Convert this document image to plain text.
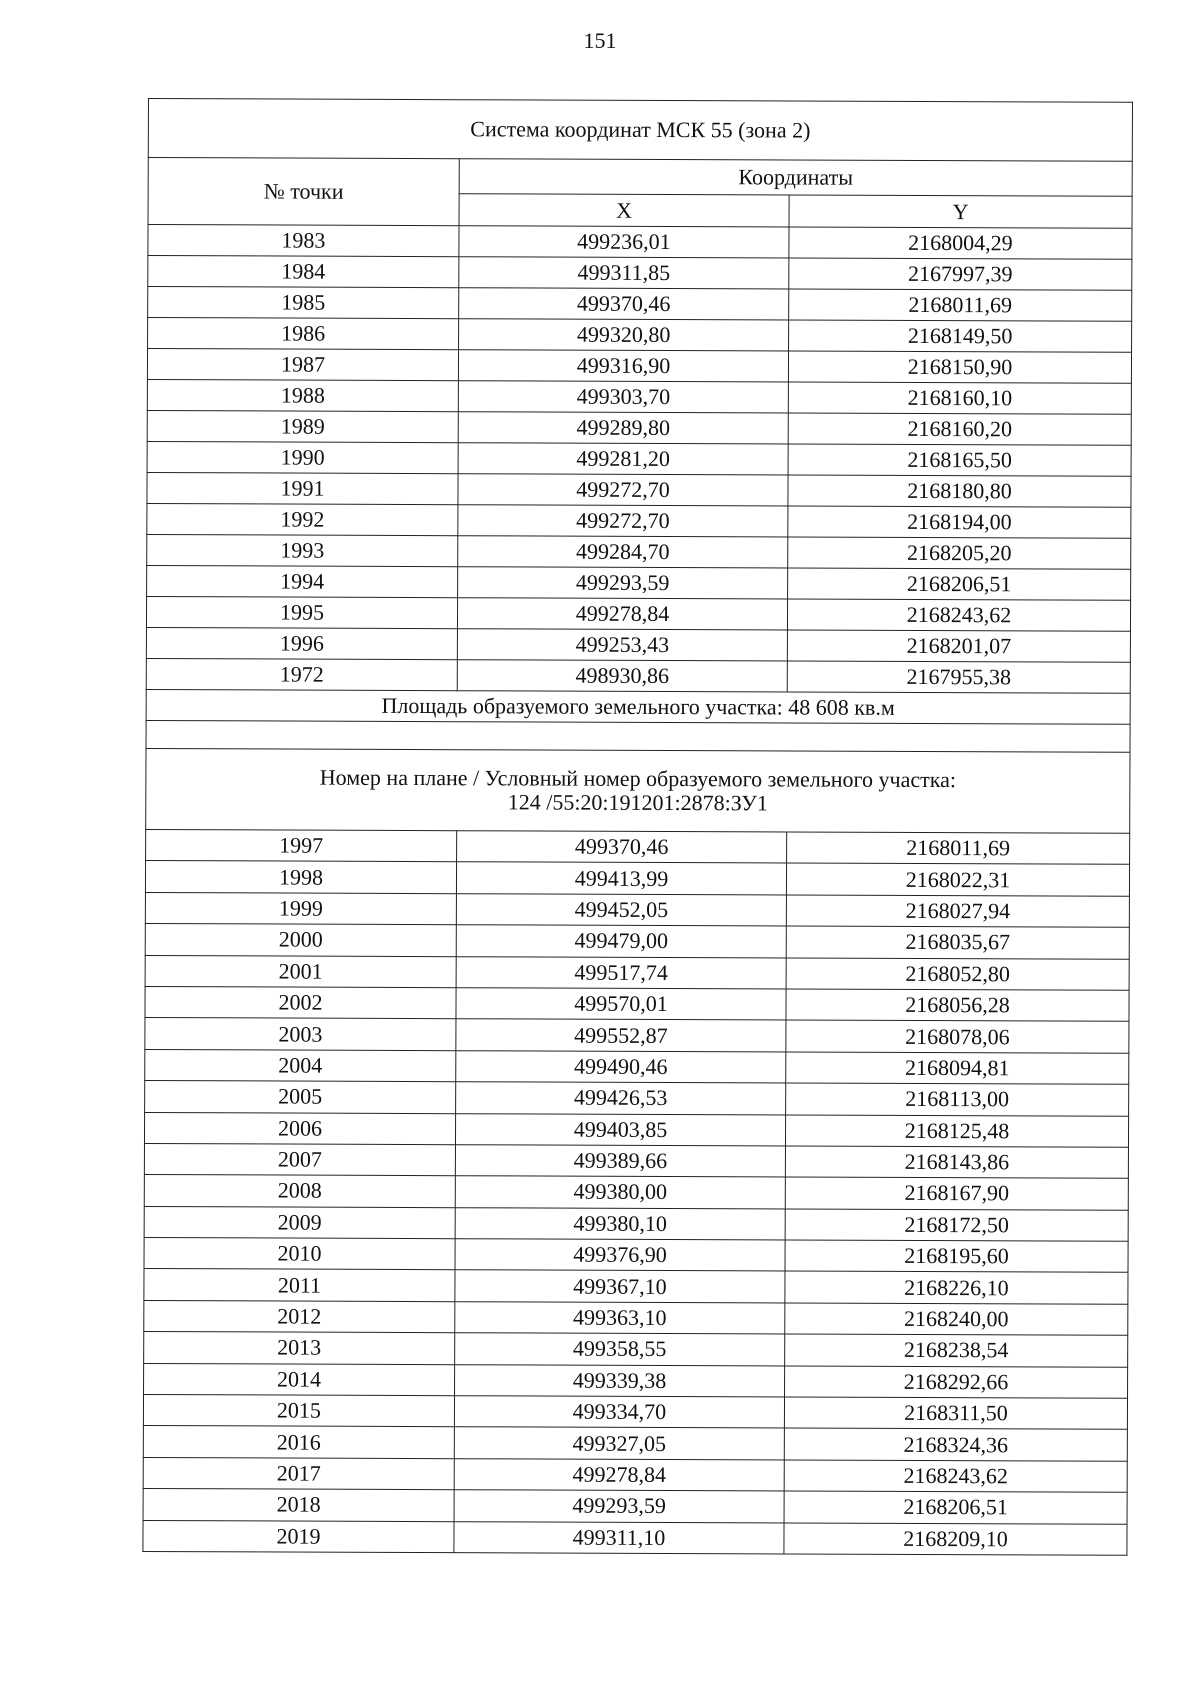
151
Система координат МСК 55 (зона 2)		
№ точки	Координаты	
	X	Y
1983	499236,01	2168004,29
1984	499311,85	2167997,39
1985	499370,46	2168011,69
1986	499320,80	2168149,50
1987	499316,90	2168150,90
1988	499303,70	2168160,10
1989	499289,80	2168160,20
1990	499281,20	2168165,50
1991	499272,70	2168180,80
1992	499272,70	2168194,00
1993	499284,70	2168205,20
1994	499293,59	2168206,51
1995	499278,84	2168243,62
1996	499253,43	2168201,07
1972	498930,86	2167955,38
Площадь образуемого земельного участка: 48 608 кв.м		

Номер на плане / Условный номер образуемого земельного участка:
124 /55:20:191201:2878:ЗУ1		

1997	499370,46	2168011,69
1998	499413,99	2168022,31
1999	499452,05	2168027,94
2000	499479,00	2168035,67
2001	499517,74	2168052,80
2002	499570,01	2168056,28
2003	499552,87	2168078,06
2004	499490,46	2168094,81
2005	499426,53	2168113,00
2006	499403,85	2168125,48
2007	499389,66	2168143,86
2008	499380,00	2168167,90
2009	499380,10	2168172,50
2010	499376,90	2168195,60
2011	499367,10	2168226,10
2012	499363,10	2168240,00
2013	499358,55	2168238,54
2014	499339,38	2168292,66
2015	499334,70	2168311,50
2016	499327,05	2168324,36
2017	499278,84	2168243,62
2018	499293,59	2168206,51
2019	499311,10	2168209,10
